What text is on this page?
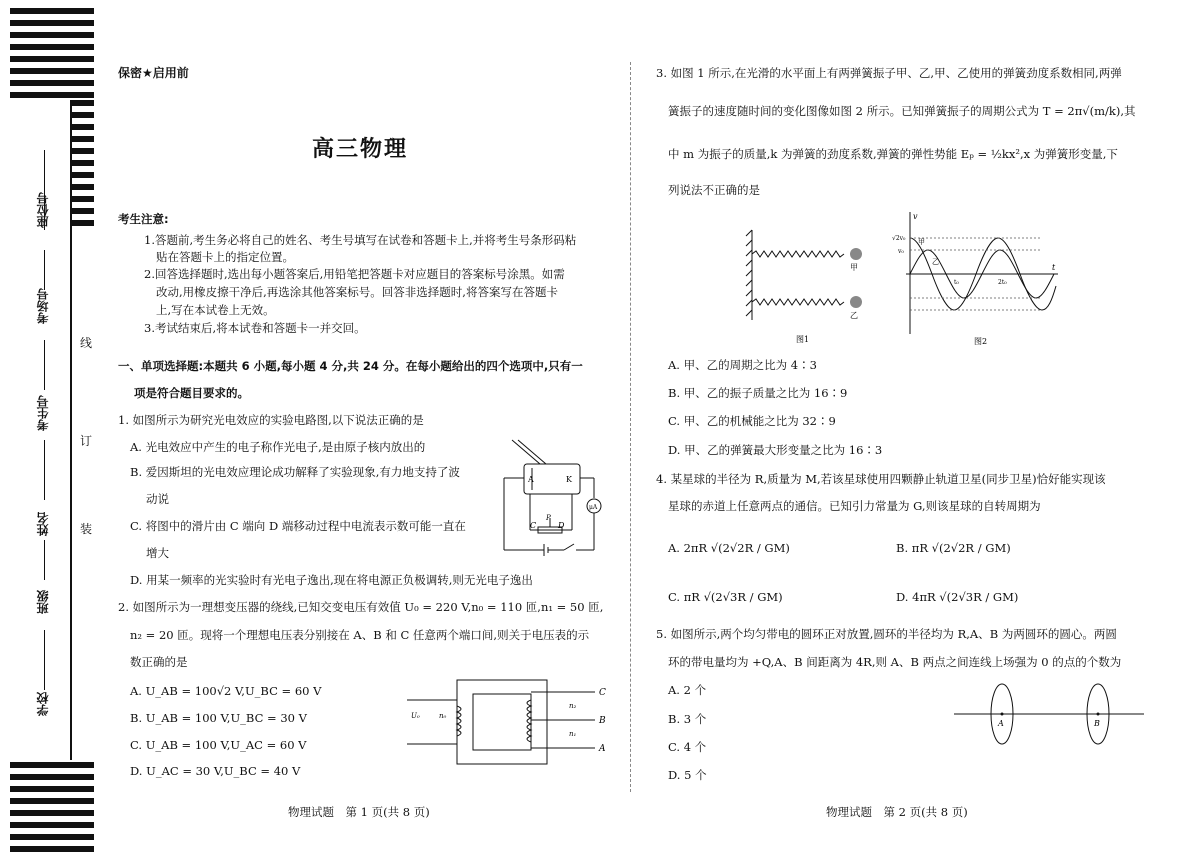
座位号
考场号
考生号
姓名
班级
学校
线
订
装
保密★启用前
高三物理
考生注意:
1.答题前,考生务必将自己的姓名、考生号填写在试卷和答题卡上,并将考生号条形码粘
贴在答题卡上的指定位置。
2.回答选择题时,选出每小题答案后,用铅笔把答题卡对应题目的答案标号涂黑。如需
改动,用橡皮擦干净后,再选涂其他答案标号。回答非选择题时,将答案写在答题卡
上,写在本试卷上无效。
3.考试结束后,将本试卷和答题卡一并交回。
一、单项选择题:本题共 6 小题,每小题 4 分,共 24 分。在每小题给出的四个选项中,只有一
项是符合题目要求的。
1. 如图所示为研究光电效应的实验电路图,以下说法正确的是
A. 光电效应中产生的电子称作光电子,是由原子核内放出的
B. 爱因斯坦的光电效应理论成功解释了实验现象,有力地支持了波
动说
C. 将图中的滑片由 C 端向 D 端移动过程中电流表示数可能一直在
增大
D. 用某一频率的光实验时有光电子逸出,现在将电源正负极调转,则无光电子逸出
A	K
μA
C
P
D
2. 如图所示为一理想变压器的绕线,已知交变电压有效值 U₀ = 220 V,n₀ = 110 匝,n₁ = 50 匝,
n₂ = 20 匝。现将一个理想电压表分别接在 A、B 和 C 任意两个端口间,则关于电压表的示
数正确的是
A. U_AB = 100√2 V,U_BC = 60 V
B. U_AB = 100 V,U_BC = 30 V
C. U_AB = 100 V,U_AC = 60 V
D. U_AC = 30 V,U_BC = 40 V
U₀	n₀
n₂
n₁
C
B
A
物理试题　第 1 页(共 8 页)
3. 如图 1 所示,在光滑的水平面上有两弹簧振子甲、乙,甲、乙使用的弹簧劲度系数相同,两弹
簧振子的速度随时间的变化图像如图 2 所示。已知弹簧振子的周期公式为 T = 2π√(m/k),其
中 m 为振子的质量,k 为弹簧的劲度系数,弹簧的弹性势能 Eₚ = ½kx²,x 为弹簧形变量,下
列说法不正确的是
甲
乙
图1
v
t
√2v₀
v₀
甲
乙
t₀	2t₀
图2
A. 甲、乙的周期之比为 4∶3
B. 甲、乙的振子质量之比为 16∶9
C. 甲、乙的机械能之比为 32∶9
D. 甲、乙的弹簧最大形变量之比为 16∶3
4. 某星球的半径为 R,质量为 M,若该星球使用四颗静止轨道卫星(同步卫星)恰好能实现该
星球的赤道上任意两点的通信。已知引力常量为 G,则该星球的自转周期为
A. 2πR √(2√2R / GM)	B. πR √(2√2R / GM)
C. πR √(2√3R / GM)	D. 4πR √(2√3R / GM)
5. 如图所示,两个均匀带电的圆环正对放置,圆环的半径均为 R,A、B 为两圆环的圆心。两圆
环的带电量均为 +Q,A、B 间距离为 4R,则 A、B 两点之间连线上场强为 0 的点的个数为
A. 2 个
B. 3 个
C. 4 个
D. 5 个
A	B
物理试题　第 2 页(共 8 页)
